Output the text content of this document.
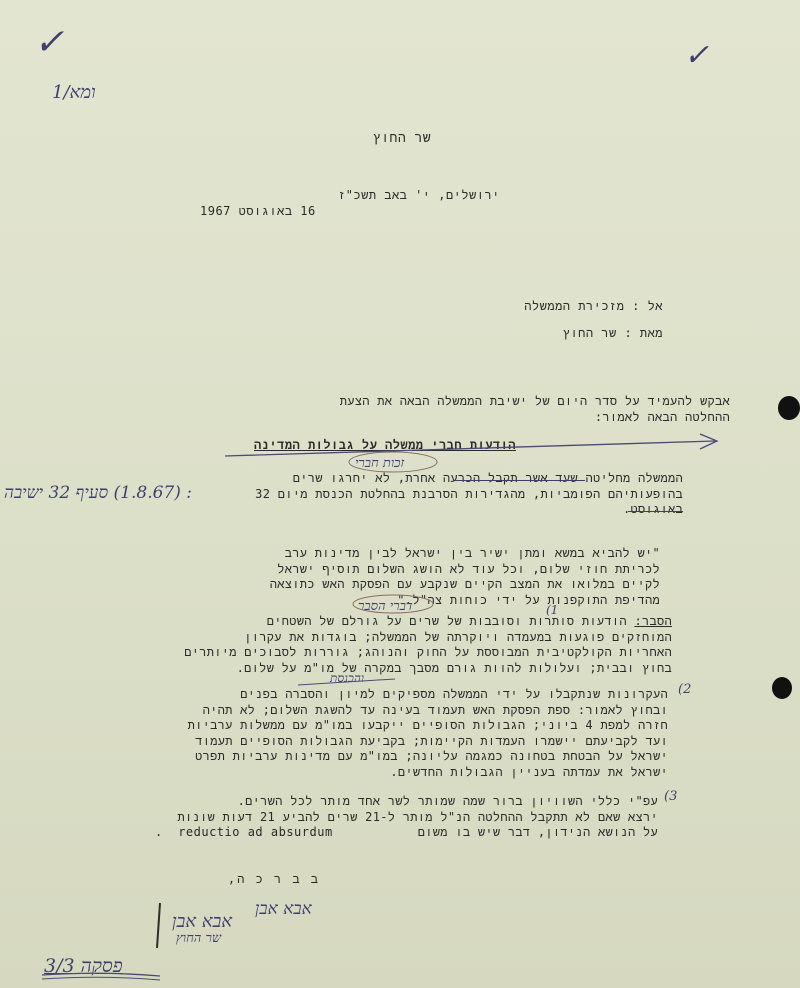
✓
ומא/1
✓
שר החוץ
ירושלים, י' באב תשכ"ז
16 באוגוסט 1967
אל : מזכירת הממשלה
מאת : שר החוץ
אבקש להעמיד על סדר היום של ישיבת הממשלה הבאה את הצעת
ההחלטה הבאה לאמור:
הודעות חברי ממשלה על גבולות המדינה
זכות חברי
הממשלה מחליטה שעד אשר תקבל הכרעה אחרת, לא יחרגו שרים
בהופעותיהם הפומביות, מהגדירות הסרבנת בהחלטת הכנסת מיום 32
באוגוסט.
: (1.8.67) סעיף 32 ישיבה
"יש להביא במשא ומתן ישיר בין ישראל לבין מדינות ערב
לכריתת חוזי שלום, וכל עוד לא הושג השלום תוסיף ישראל
לקיים במלואו את המצב הקיים שנקבע עם הפסקת האש כתוצאה
מהדיפת התוקפנות על ידי כוחות צה"ל."
דברי הסבר	(1
הסבר: הודעות סותרות וסובבות של שרים על גורלם של השטחים
המוחזקים פוגעות במעמדה ויוקרתה של הממשלה; בוגדות את עקרון
האחריות הקולקטיבית המבוססת על החוק והנוהג; גוררות לסבוכים מיותרים
בחוץ ובבית; ועלולות להוות גורם מסבך במקרה של מו"מ על שלום.
והכנסת
(2
העקרונות שנתקבלו על ידי הממשלה מספיקים למיון והסברה בפנים
ובחוץ לאמור: ספת הפסקת האש תעמוד בעינה עד להשגת השלום; לא תהיה
חזרה למפת 4 ביוני; הגבולות הסופיים ייקבעו במו"מ עם ממשלות ערביות
ועד לקביעתם יישמרו העמדות הקיימות; בקביעת הגבולות הסופיים תעמוד
ישראל על הבטחת בטחונה כמגמה עליונה; במו"מ עם מדינות ערביות תפרט
ישראל את עמדתה בעניין הגבולות החדשים.
(3
עפ"י כללי השוויון ברור שמה שמותר לשר אחד מותר לכל השרים.
ירצא שאם לא תתקבל ההחלטה הנ"ל מותר ל-21 שרים להביע 21 דעות שונות
על הנושא הנידון, דבר שיש בו משום
. reductio ad absurdum
ב ב ר כ ה,
אבא אבן
אבא אבן
שר החוץ
פסקה 3/3
